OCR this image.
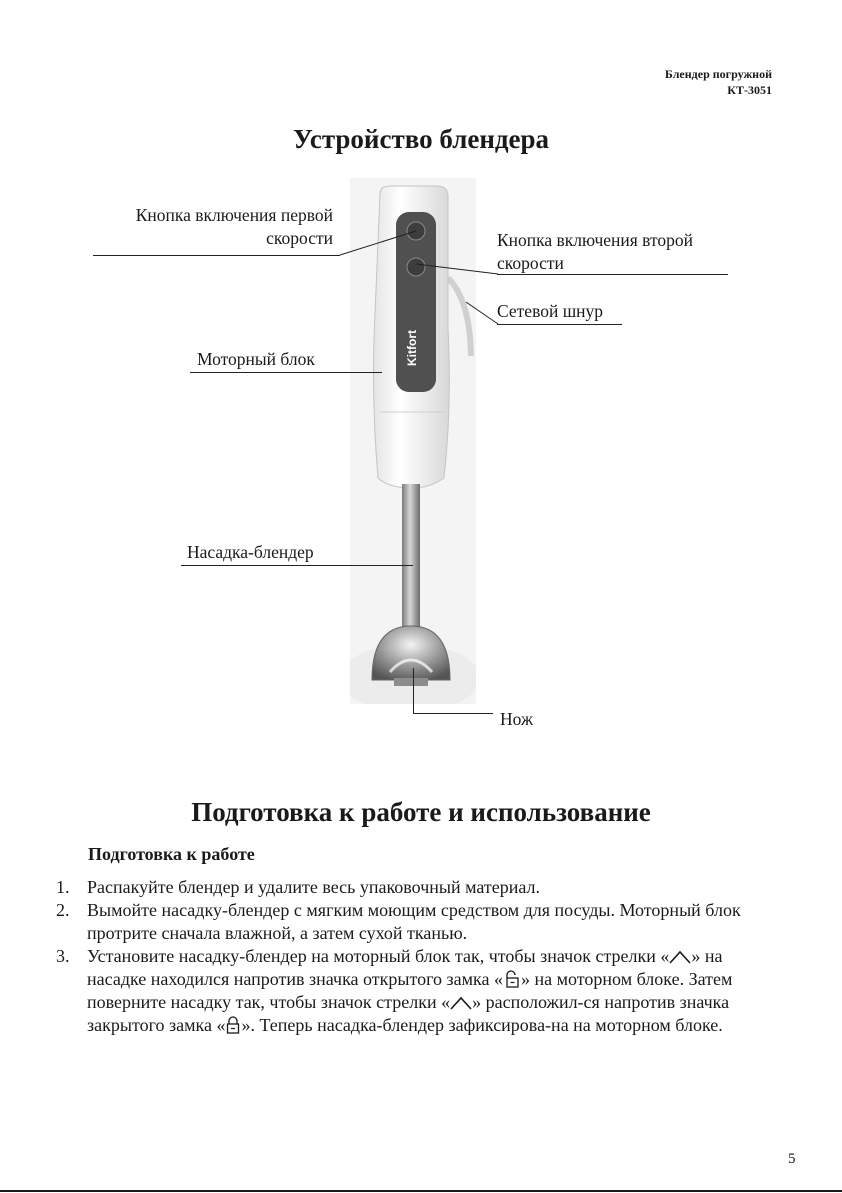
Блендер погружной
КТ-3051
Устройство блендера
Kitfort
Кнопка включения первой
скорости	Кнопка включения второй
скорости
Сетевой шнур
Моторный блок
Насадка-блендер
Нож
Подготовка к работе и использование
Подготовка к работе
1. Распакуйте блендер и удалите весь упаковочный материал.
2. Вымойте насадку-блендер с мягким моющим средством для посуды. Моторный блок протрите сначала влажной, а затем сухой тканью.
3. Установите насадку-блендер на моторный блок так, чтобы значок стрелки « » на насадке находился напротив значка открытого замка « » на моторном блоке. Затем поверните насадку так, чтобы значок стрелки « » расположил-ся напротив значка закрытого замка « ». Теперь насадка-блендер зафиксирова-на на моторном блоке.
5
